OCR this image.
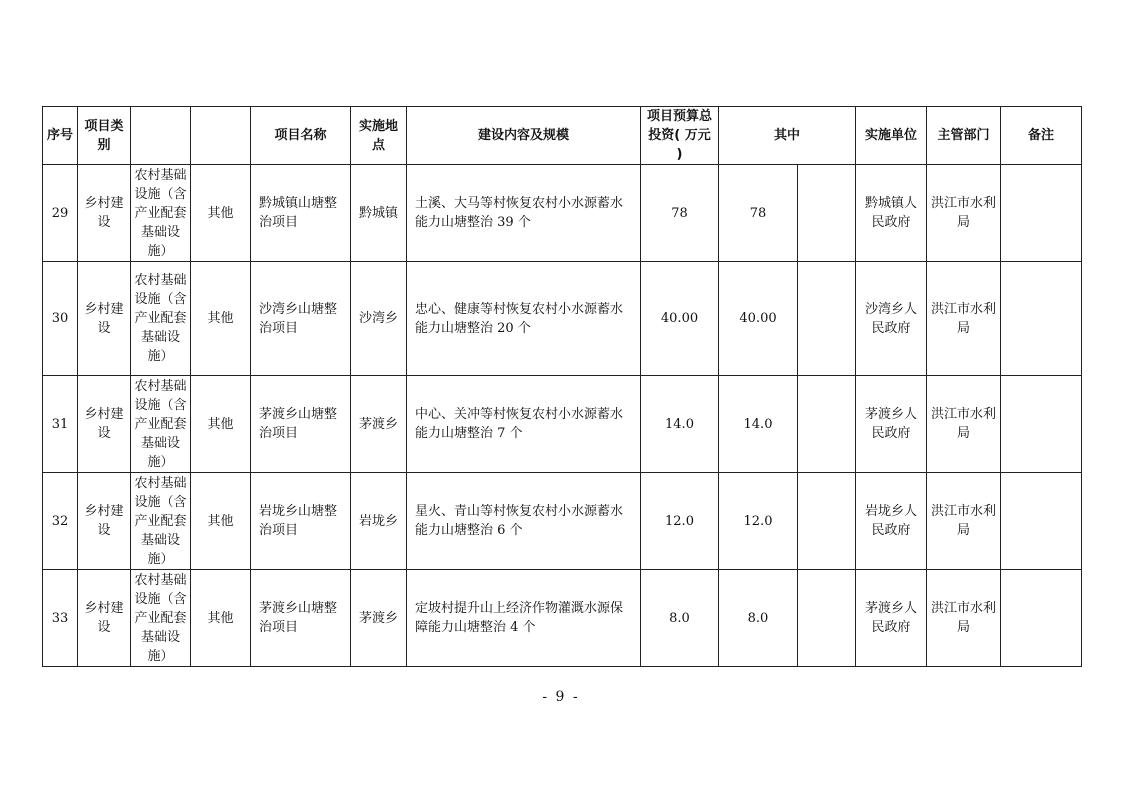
序号	项目类别			项目名称	实施地点	建设内容及规模	项目预算总投资( 万元 )	其中		实施单位	主管部门	备注
29	乡村建设	农村基础设施（含产业配套基础设施）	其他	黔城镇山塘整治项目	黔城镇	土溪、大马等村恢复农村小水源蓄水能力山塘整治 39 个	78	78		黔城镇人民政府	洪江市水利局	
30	乡村建设	农村基础设施（含产业配套基础设施）	其他	沙湾乡山塘整治项目	沙湾乡	忠心、健康等村恢复农村小水源蓄水能力山塘整治 20 个	40.00	40.00		沙湾乡人民政府	洪江市水利局	
31	乡村建设	农村基础设施（含产业配套基础设施）	其他	茅渡乡山塘整治项目	茅渡乡	中心、关冲等村恢复农村小水源蓄水能力山塘整治 7 个	14.0	14.0		茅渡乡人民政府	洪江市水利局	
32	乡村建设	农村基础设施（含产业配套基础设施）	其他	岩垅乡山塘整治项目	岩垅乡	星火、青山等村恢复农村小水源蓄水能力山塘整治 6 个	12.0	12.0		岩垅乡人民政府	洪江市水利局	
33	乡村建设	农村基础设施（含产业配套基础设施）	其他	茅渡乡山塘整治项目	茅渡乡	定坡村提升山上经济作物灌溉水源保障能力山塘整治 4 个	8.0	8.0		茅渡乡人民政府	洪江市水利局	
- 9 -
